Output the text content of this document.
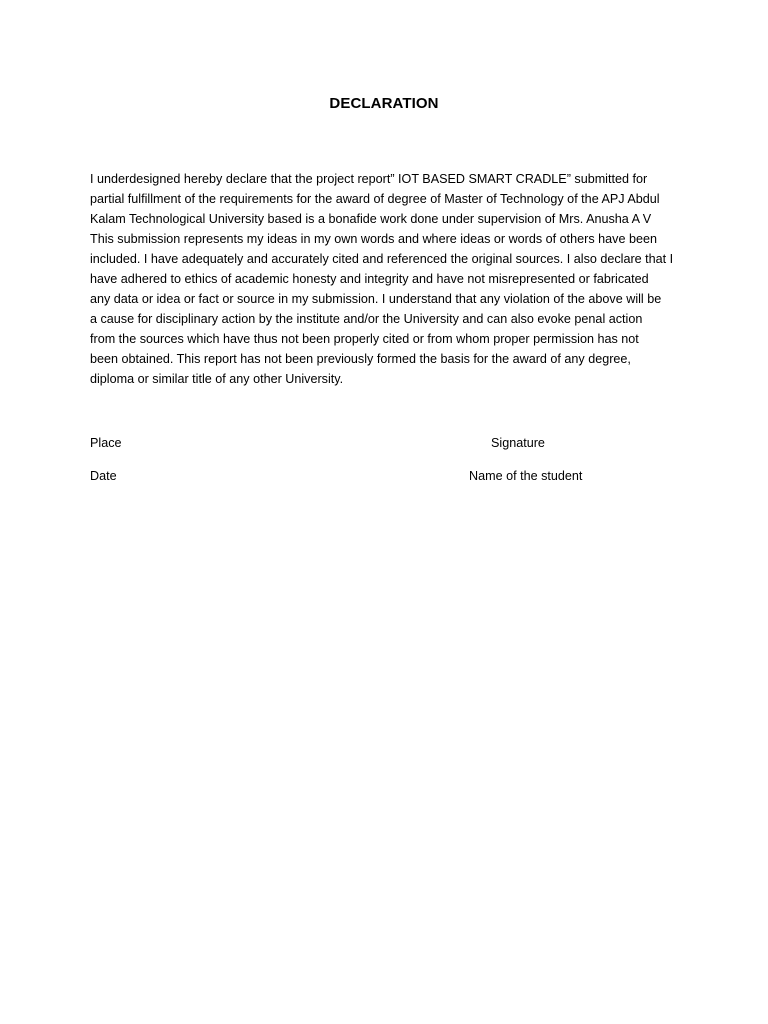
DECLARATION
I underdesigned hereby declare that the project report” IOT BASED SMART CRADLE” submitted for
partial fulfillment of the requirements for the award of degree of Master of Technology of the APJ Abdul
Kalam Technological University based is a bonafide work done under supervision of Mrs. Anusha A V
This submission represents my ideas in my own words and where ideas or words of others have been
included. I have adequately and accurately cited and referenced the original sources. I also declare that I
have adhered to ethics of academic honesty and integrity and have not misrepresented or fabricated
any data or idea or fact or source in my submission. I understand that any violation of the above will be
a cause for disciplinary action by the institute and/or the University and can also evoke penal action
from the sources which have thus not been properly cited or from whom proper permission has not
been obtained. This report has not been previously formed the basis for the award of any degree,
diploma or similar title of any other University.
Place	Signature
Date	Name of the student
